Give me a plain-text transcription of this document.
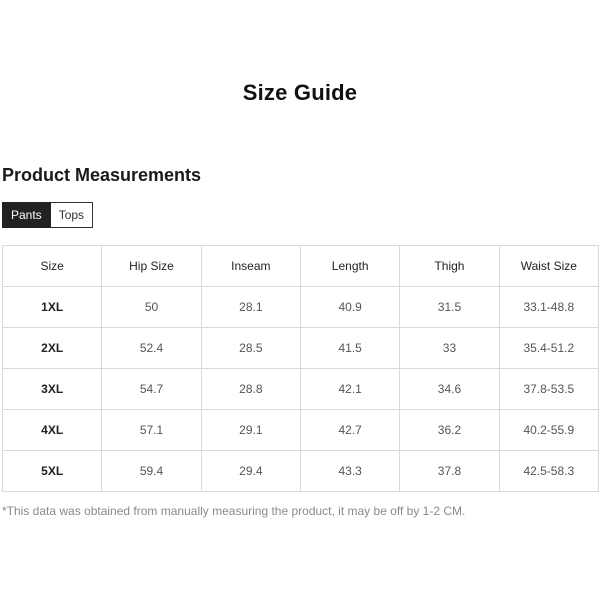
Size Guide
Product Measurements
Pants	Tops
Size	Hip Size	Inseam	Length	Thigh	Waist Size
1XL	50	28.1	40.9	31.5	33.1-48.8
2XL	52.4	28.5	41.5	33	35.4-51.2
3XL	54.7	28.8	42.1	34.6	37.8-53.5
4XL	57.1	29.1	42.7	36.2	40.2-55.9
5XL	59.4	29.4	43.3	37.8	42.5-58.3
*This data was obtained from manually measuring the product, it may be off by 1-2 CM.
